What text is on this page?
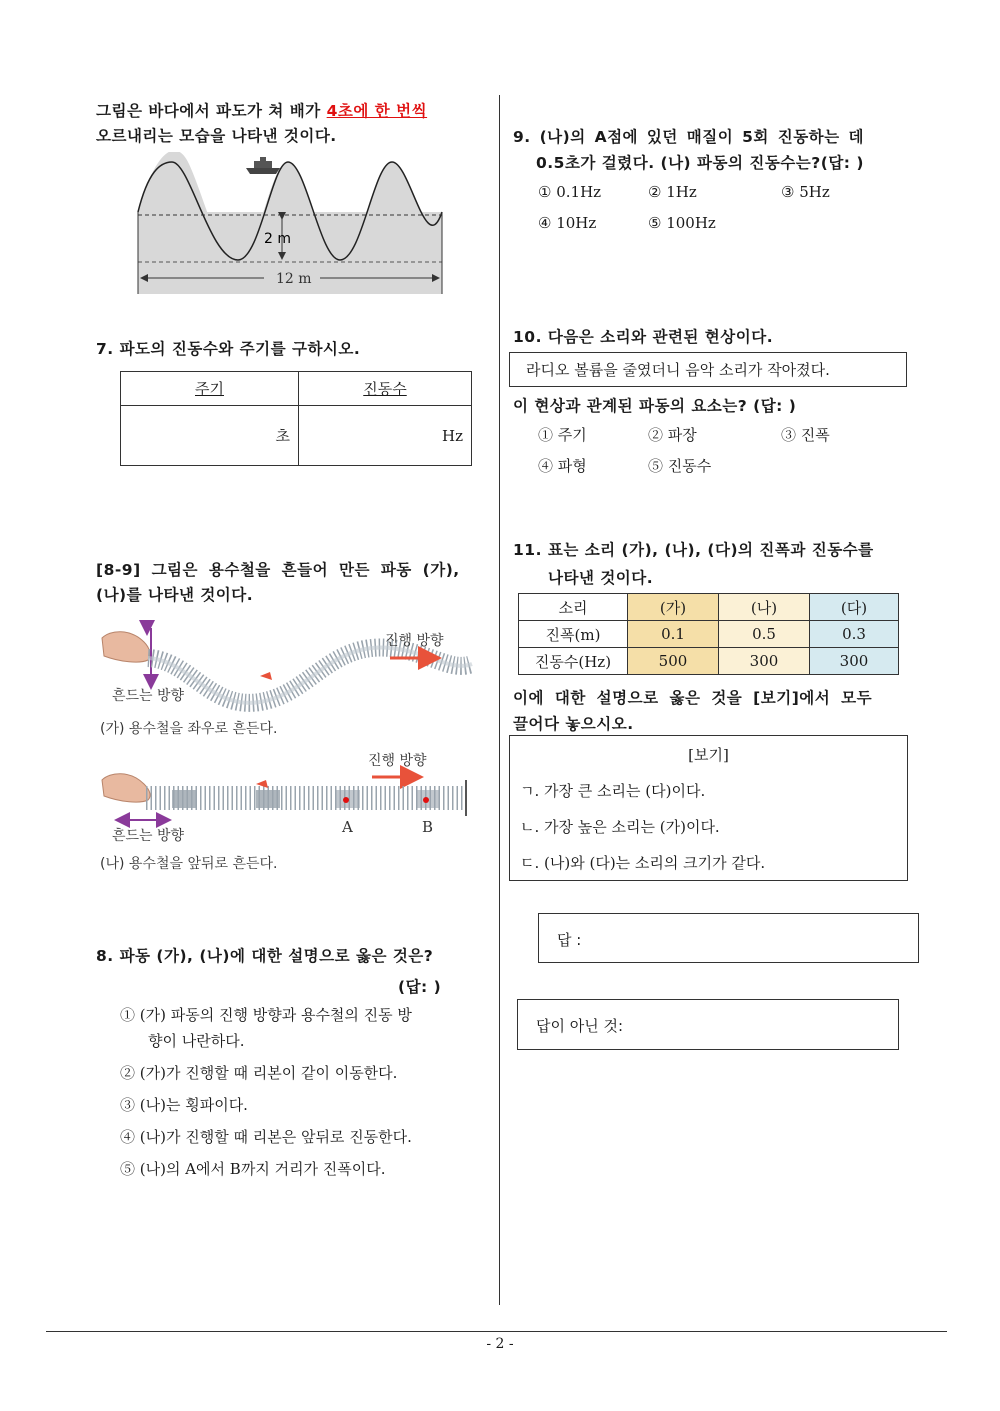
그림은 바다에서 파도가 쳐 배가 4초에 한 번씩
오르내리는 모습을 나타낸 것이다.
2 m
12 m
7. 파도의 진동수와 주기를 구하시오.
주기	진동수
초	Hz
[8-9] 그림은 용수철을 흔들어 만든 파동 (가),
(나)를 나타낸 것이다.
진행 방향
흔드는 방향
(가) 용수철을 좌우로 흔든다.
진행 방향
A	B
흔드는 방향
(나) 용수철을 앞뒤로 흔든다.
8. 파동 (가), (나)에 대한 설명으로 옳은 것은?
(답: )
① (가) 파동의 진행 방향과 용수철의 진동 방
향이 나란하다.
② (가)가 진행할 때 리본이 같이 이동한다.
③ (나)는 횡파이다.
④ (나)가 진행할 때 리본은 앞뒤로 진동한다.
⑤ (나)의 A에서 B까지 거리가 진폭이다.
9. (나)의 A점에 있던 매질이 5회 진동하는 데
0.5초가 걸렸다. (나) 파동의 진동수는?(답: )
① 0.1Hz	② 1Hz	③ 5Hz
④ 10Hz	⑤ 100Hz
10. 다음은 소리와 관련된 현상이다.
라디오 볼륨을 줄였더니 음악 소리가 작아졌다.
이 현상과 관계된 파동의 요소는? (답: )
① 주기	② 파장	③ 진폭
④ 파형	⑤ 진동수
11. 표는 소리 (가), (나), (다)의 진폭과 진동수를
나타낸 것이다.
소리	(가)	(나)	(다)
진폭(m)	0.1	0.5	0.3
진동수(Hz)	500	300	300
이에 대한 설명으로 옳은 것을 [보기]에서 모두
끌어다 놓으시오.
[보기]
ㄱ. 가장 큰 소리는 (다)이다.
ㄴ. 가장 높은 소리는 (가)이다.
ㄷ. (나)와 (다)는 소리의 크기가 같다.
답 :
답이 아닌 것:
- 2 -
